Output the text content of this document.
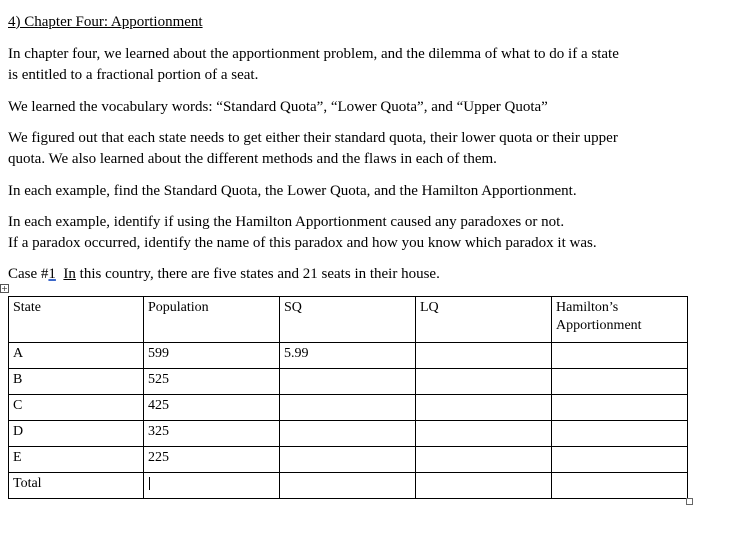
4) Chapter Four: Apportionment
In chapter four, we learned about the apportionment problem, and the dilemma of what to do if a state
is entitled to a fractional portion of a seat.
We learned the vocabulary words: “Standard Quota”, “Lower Quota”, and “Upper Quota”
We figured out that each state needs to get either their standard quota, their lower quota or their upper
quota. We also learned about the different methods and the flaws in each of them.
In each example, find the Standard Quota, the Lower Quota, and the Hamilton Apportionment.
In each example, identify if using the Hamilton Apportionment caused any paradoxes or not.
If a paradox occurred, identify the name of this paradox and how you know which paradox it was.
Case #1 In this country, there are five states and 21 seats in their house.
+
State	Population	SQ	LQ	Hamilton’s Apportionment
A	599	5.99		
B	525			
C	425			
D	325			
E	225			
Total				
